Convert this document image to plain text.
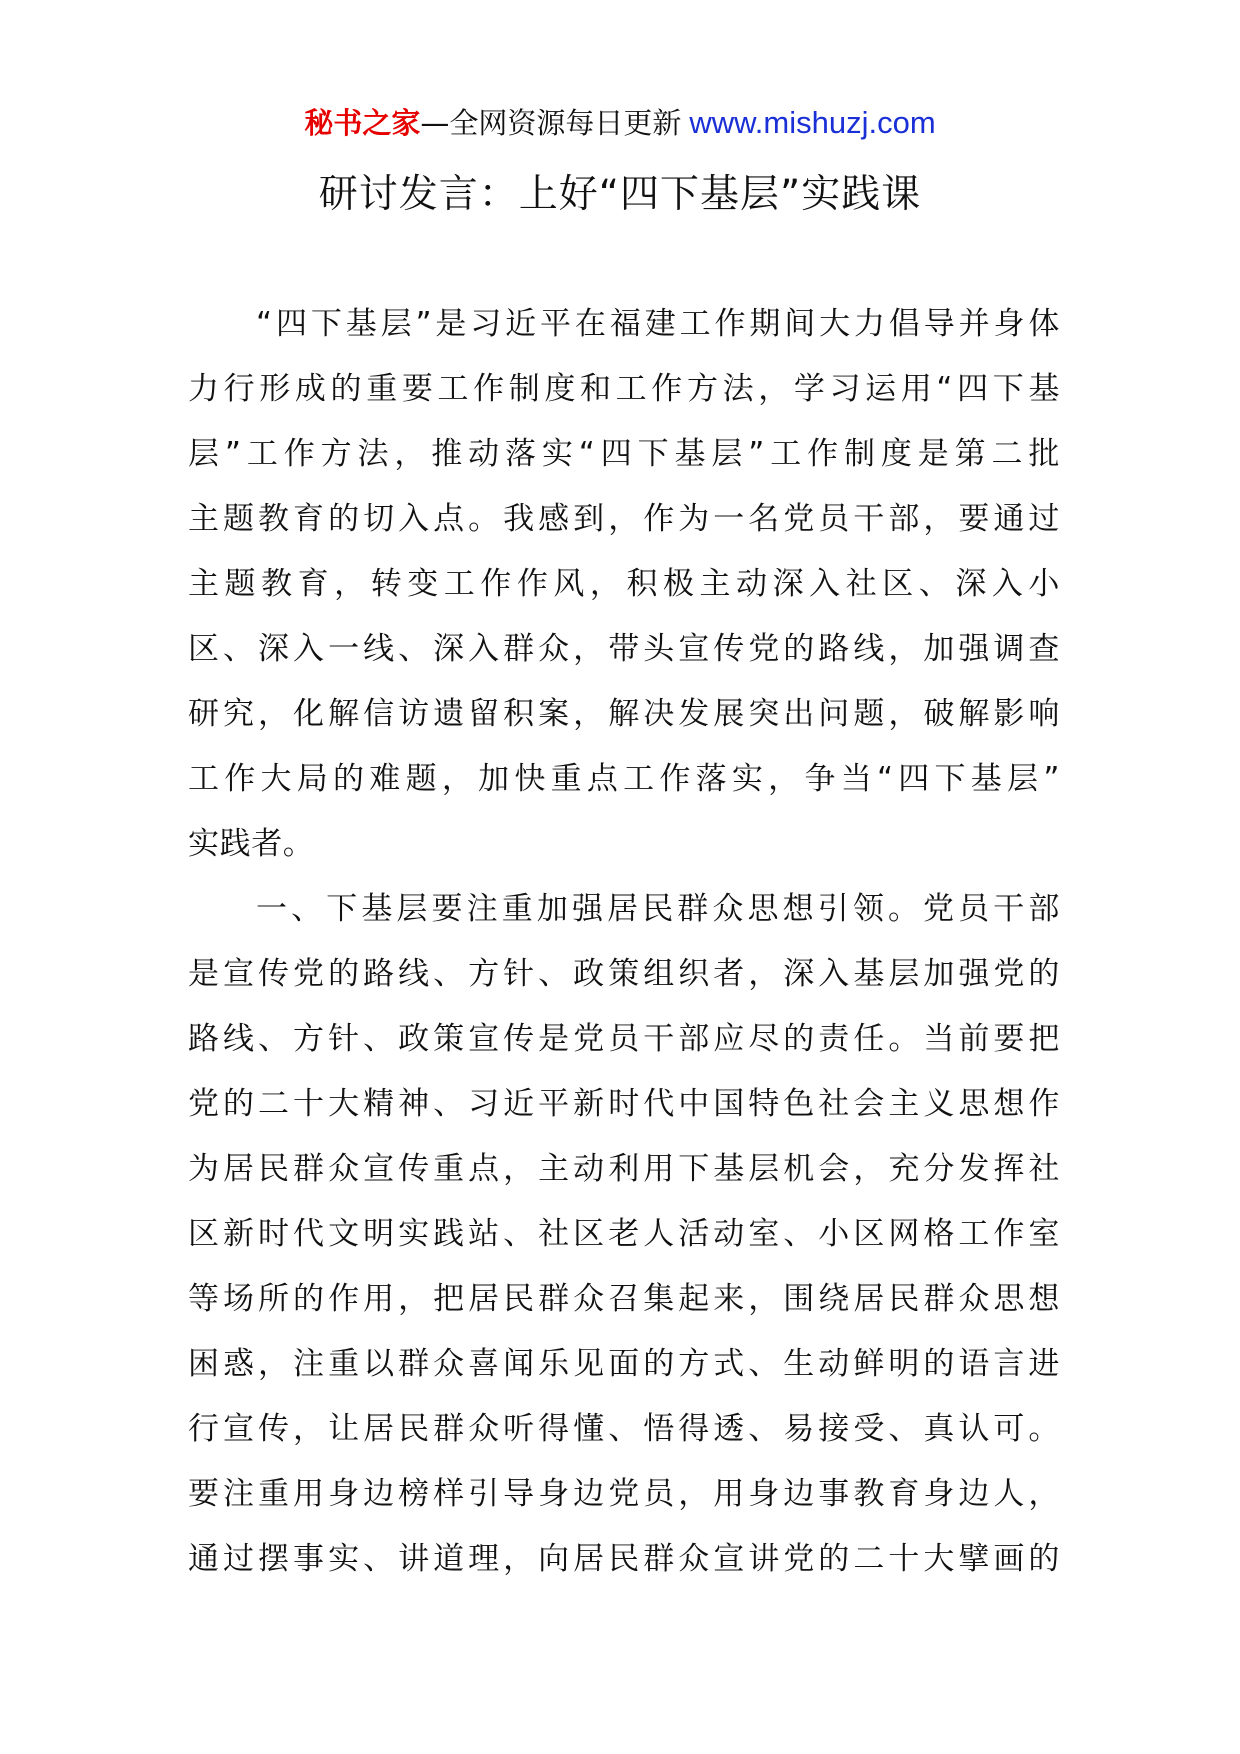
秘书之家—全网资源每日更新 www.mishuzj.com
研讨发言：上好“四下基层”实践课
“四下基层”是习近平在福建工作期间大力倡导并身体
力行形成的重要工作制度和工作方法，学习运用“四下基
层”工作方法，推动落实“四下基层”工作制度是第二批
主题教育的切入点。我感到，作为一名党员干部，要通过
主题教育，转变工作作风，积极主动深入社区、深入小
区、深入一线、深入群众，带头宣传党的路线，加强调查
研究，化解信访遗留积案，解决发展突出问题，破解影响
工作大局的难题，加快重点工作落实，争当“四下基层”
实践者。
一、下基层要注重加强居民群众思想引领。党员干部
是宣传党的路线、方针、政策组织者，深入基层加强党的
路线、方针、政策宣传是党员干部应尽的责任。当前要把
党的二十大精神、习近平新时代中国特色社会主义思想作
为居民群众宣传重点，主动利用下基层机会，充分发挥社
区新时代文明实践站、社区老人活动室、小区网格工作室
等场所的作用，把居民群众召集起来，围绕居民群众思想
困惑，注重以群众喜闻乐见面的方式、生动鲜明的语言进
行宣传，让居民群众听得懂、悟得透、易接受、真认可。
要注重用身边榜样引导身边党员，用身边事教育身边人，
通过摆事实、讲道理，向居民群众宣讲党的二十大擘画的
